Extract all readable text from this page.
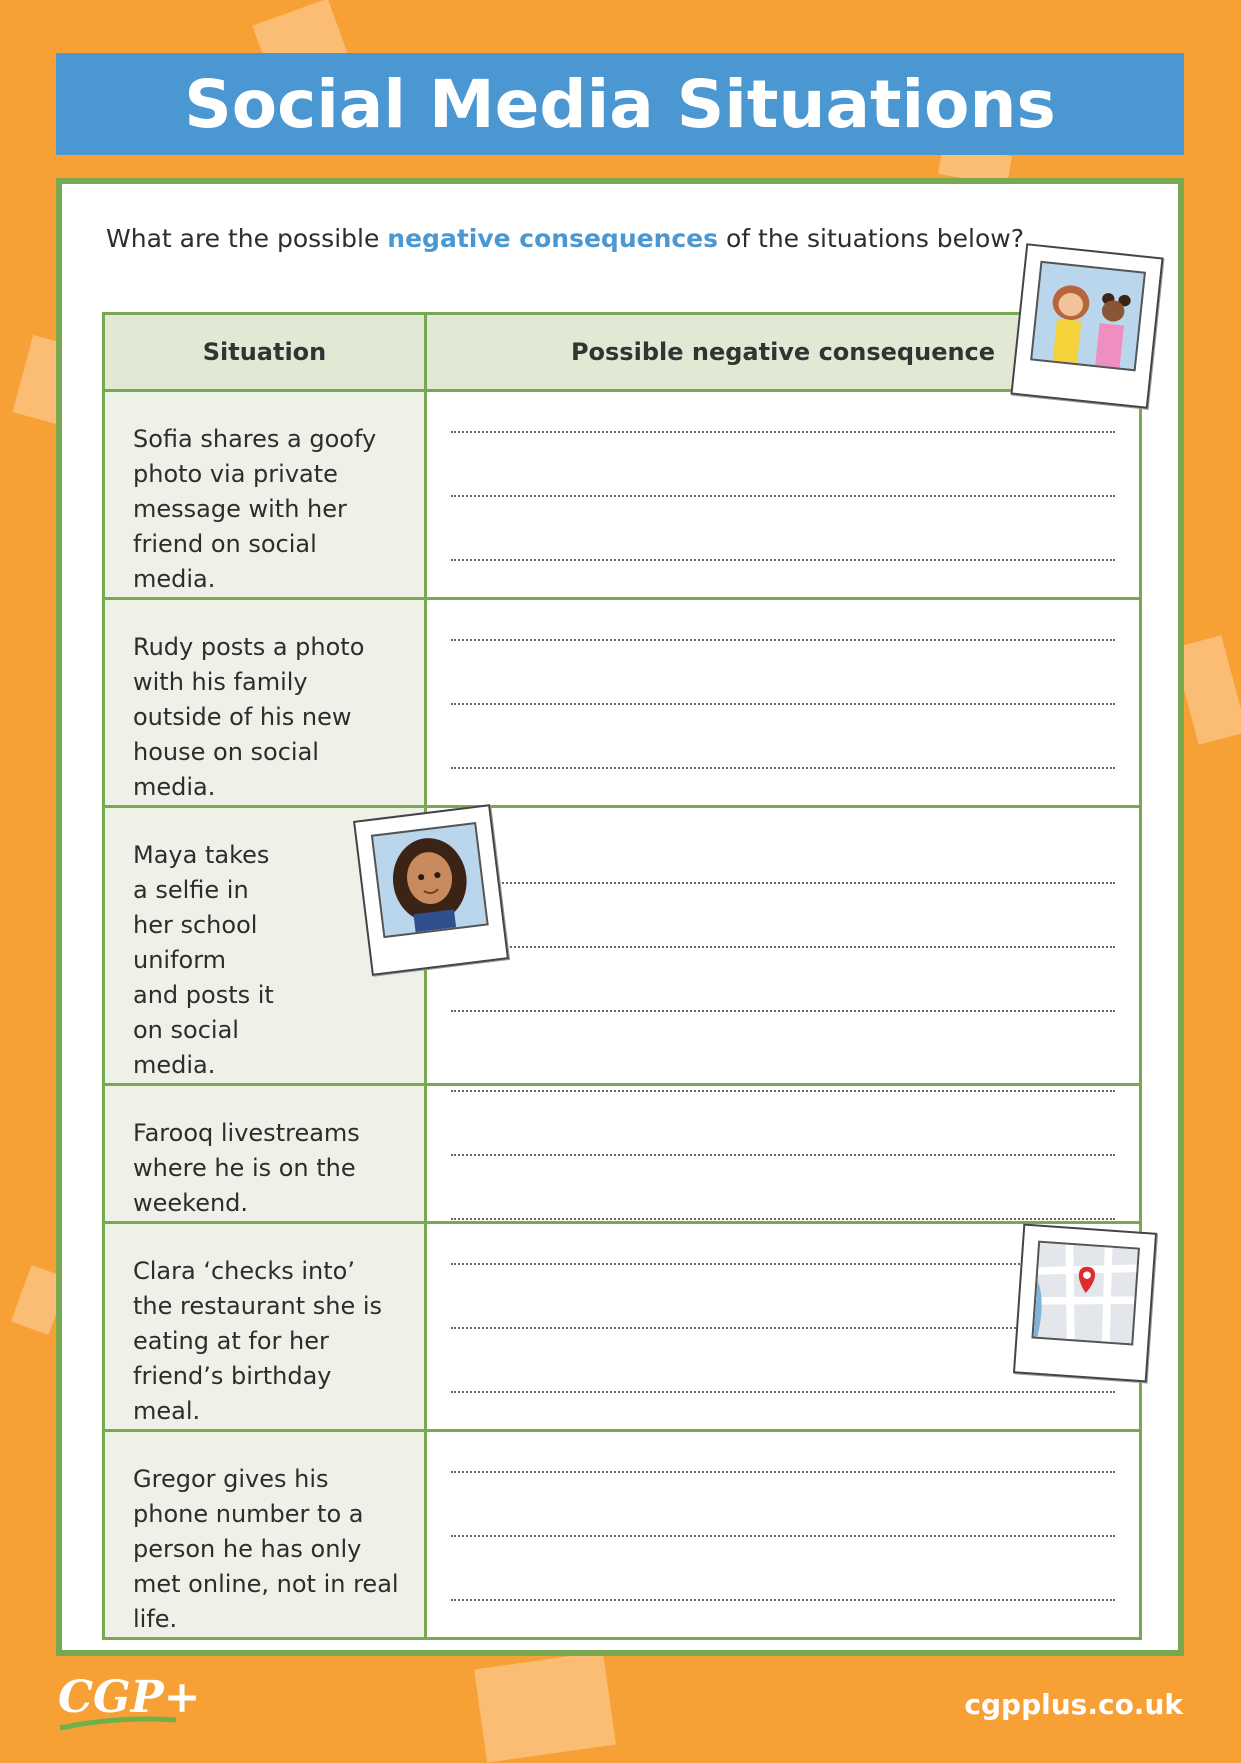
Social Media Situations
What are the possible negative consequences of the situations below?
Situation	Possible negative consequence
Sofia shares a goofy photo via private message with her friend on social media.	

Rudy posts a photo with his family outside of his new house on social media.	

Maya takes a selfie in her school uniform and posts it on social media.	

Farooq livestreams where he is on the weekend.	

Clara ‘checks into’ the restaurant she is eating at for her friend’s birthday meal.	

Gregor gives his phone number to a person he has only met online, not in real life.	
CGP+	cgpplus.co.uk
